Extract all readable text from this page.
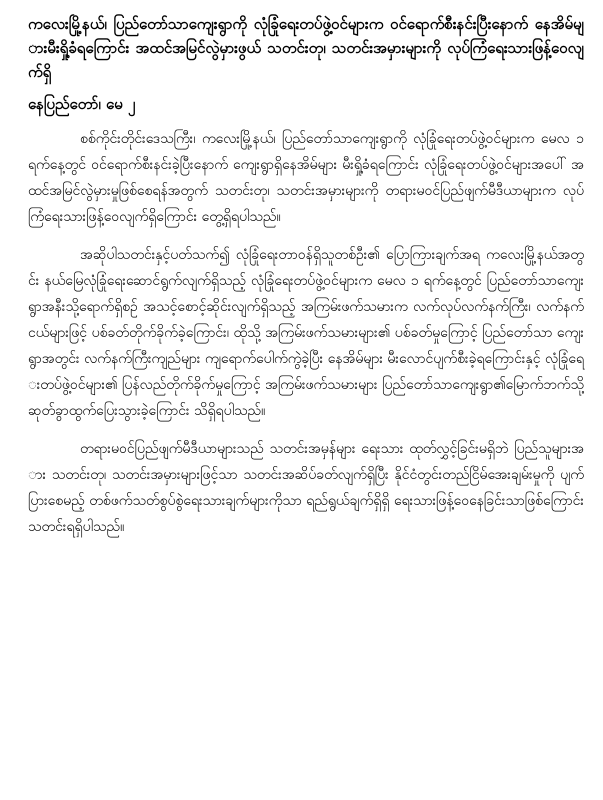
ကလေးမြို့နယ်၊ ပြည်တော်သာကျေးရွာကို လုံခြုံရေးတပ်ဖွဲ့ဝင်များက ဝင်ရောက်စီးနင်းပြီးနောက် နေအိမ်များမီးရှို့ခံရကြောင်း အထင်အမြင်လွဲမှားဖွယ် သတင်းတု၊ သတင်းအမှားများကို လုပ်ကြံရေးသားဖြန့်ဝေလျက်ရှိ
နေပြည်တော်၊ မေ ၂

စစ်ကိုင်းတိုင်းဒေသကြီး၊ ကလေးမြို့နယ်၊ ပြည်တော်သာကျေးရွာကို လုံခြုံရေးတပ်ဖွဲ့ဝင်များက မေလ ၁ ရက်နေ့တွင် ဝင်ရောက်စီးနင်းခဲ့ပြီးနောက် ကျေးရွာရှိနေအိမ်များ မီးရှို့ခံရကြောင်း လုံခြုံရေးတပ်ဖွဲ့ဝင်များအပေါ် အထင်အမြင်လွဲမှားမှုဖြစ်စေရန်အတွက် သတင်းတု၊ သတင်းအမှားများကို တရားမဝင်ပြည်ဖျက်မီဒီယာများက လုပ်ကြံရေးသားဖြန့်ဝေလျက်ရှိကြောင်း တွေ့ရှိရပါသည်။

အဆိုပါသတင်းနှင့်ပတ်သက်၍ လုံခြုံရေးတာဝန်ရှိသူတစ်ဦး၏ ပြောကြားချက်အရ ကလေးမြို့နယ်အတွင်း နယ်မြေလုံခြုံရေးဆောင်ရွက်လျက်ရှိသည့် လုံခြုံရေးတပ်ဖွဲ့ဝင်များက မေလ ၁ ရက်နေ့တွင် ပြည်တော်သာကျေးရွာအနီးသို့ရောက်ရှိစဉ် အသင့်စောင့်ဆိုင်းလျက်ရှိသည့် အကြမ်းဖက်သမားက လက်လုပ်လက်နက်ကြီး၊ လက်နက်ငယ်များဖြင့် ပစ်ခတ်တိုက်ခိုက်ခဲ့ကြောင်း၊ ထိုသို့ အကြမ်းဖက်သမားများ၏ ပစ်ခတ်မှုကြောင့် ပြည်တော်သာ ကျေးရွာအတွင်း လက်နက်ကြီးကျည်များ ကျရောက်ပေါက်ကွဲခဲ့ပြီး နေအိမ်များ မီးလောင်ပျက်စီးခဲ့ရကြောင်းနှင့် လုံခြုံရေးတပ်ဖွဲ့ဝင်များ၏ ပြန်လည်တိုက်ခိုက်မှုကြောင့် အကြမ်းဖက်သမားများ ပြည်တော်သာကျေးရွာ၏မြောက်ဘက်သို့ ဆုတ်ခွာထွက်ပြေးသွားခဲ့ကြောင်း သိရှိရပါသည်။

တရားမဝင်ပြည်ဖျက်မီဒီယာများသည် သတင်းအမှန်များ ရေးသား ထုတ်လွှင့်ခြင်းမရှိဘဲ ပြည်သူများအား သတင်းတု၊ သတင်းအမှားများဖြင့်သာ သတင်းအဆိပ်ခတ်လျက်ရှိပြီး နိုင်ငံတွင်းတည်ငြိမ်အေးချမ်းမှုကို ပျက်ပြားစေမည့် တစ်ဖက်သတ်စွပ်စွဲရေးသားချက်များကိုသာ ရည်ရွယ်ချက်ရှိရှိ ရေးသားဖြန့်ဝေနေခြင်းသာဖြစ်ကြောင်း သတင်းရရှိပါသည်။
